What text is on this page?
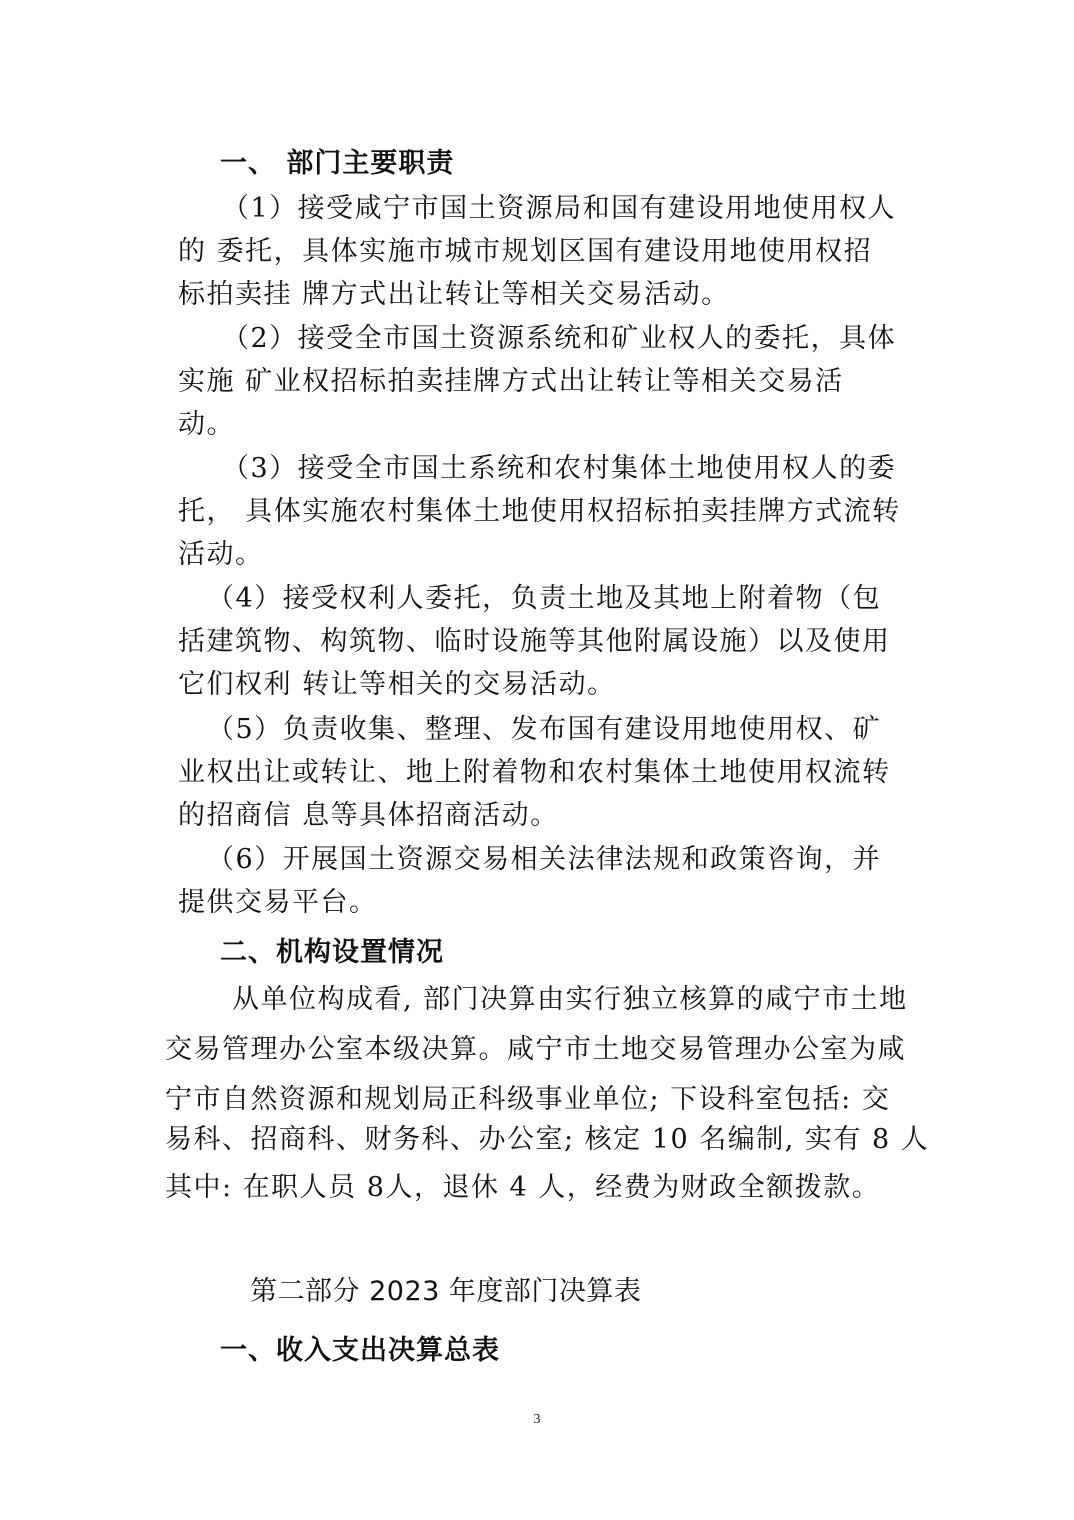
一、 部门主要职责
（1）接受咸宁市国土资源局和国有建设用地使用权人
的 委托，具体实施市城市规划区国有建设用地使用权招
标拍卖挂 牌方式出让转让等相关交易活动。
（2）接受全市国土资源系统和矿业权人的委托，具体
实施 矿业权招标拍卖挂牌方式出让转让等相关交易活
动。
（3）接受全市国土系统和农村集体土地使用权人的委
托， 具体实施农村集体土地使用权招标拍卖挂牌方式流转
活动。
（4）接受权利人委托，负责土地及其地上附着物（包
括建筑物、构筑物、临时设施等其他附属设施）以及使用
它们权利 转让等相关的交易活动。
（5）负责收集、整理、发布国有建设用地使用权、矿
业权出让或转让、地上附着物和农村集体土地使用权流转
的招商信 息等具体招商活动。
（6）开展国土资源交易相关法律法规和政策咨询，并
提供交易平台。
二、机构设置情况
从单位构成看, 部门决算由实行独立核算的咸宁市土地
交易管理办公室本级决算。咸宁市土地交易管理办公室为咸
宁市自然资源和规划局正科级事业单位; 下设科室包括: 交
易科、招商科、财务科、办公室; 核定 10 名编制, 实有 8 人
其中: 在职人员 8人，退休 4 人，经费为财政全额拨款。
第二部分 2023 年度部门决算表
一、收入支出决算总表
3
